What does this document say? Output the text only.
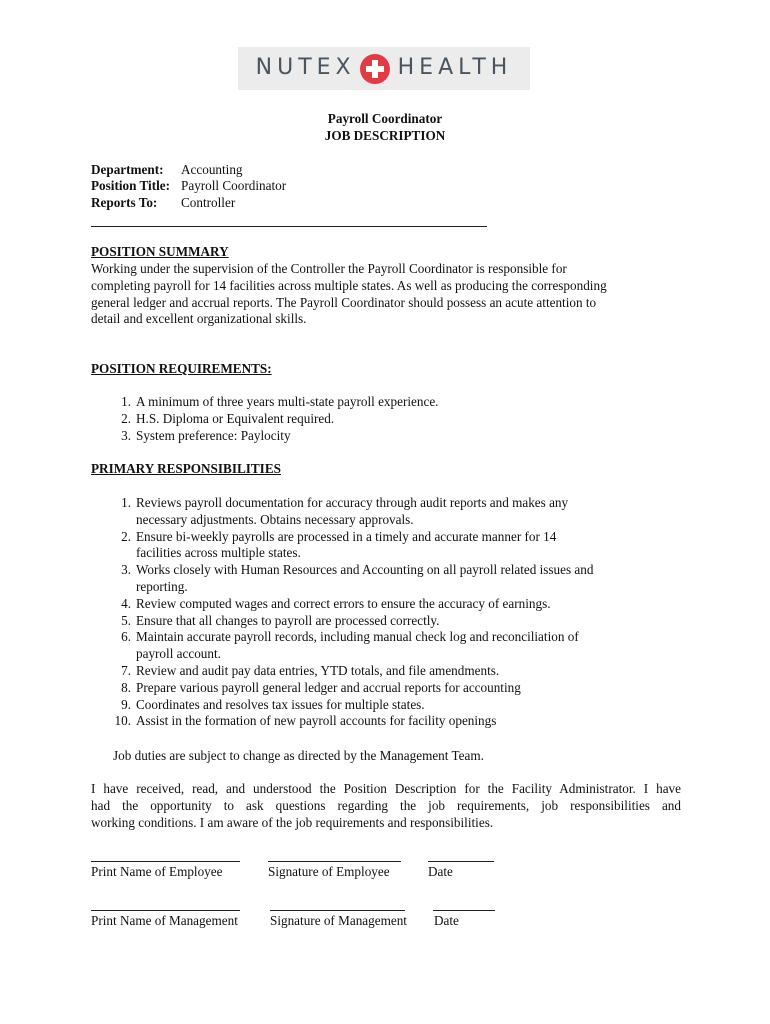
NUTEX HEALTH
Payroll Coordinator
JOB DESCRIPTION
Department: Accounting
Position Title: Payroll Coordinator
Reports To: Controller
POSITION SUMMARY
Working under the supervision of the Controller the Payroll Coordinator is responsible for
completing payroll for 14 facilities across multiple states. As well as producing the corresponding
general ledger and accrual reports. The Payroll Coordinator should possess an acute attention to
detail and excellent organizational skills.
POSITION REQUIREMENTS:
1. A minimum of three years multi-state payroll experience.
2. H.S. Diploma or Equivalent required.
3. System preference: Paylocity
PRIMARY RESPONSIBILITIES
1. Reviews payroll documentation for accuracy through audit reports and makes any
necessary adjustments. Obtains necessary approvals.
2. Ensure bi-weekly payrolls are processed in a timely and accurate manner for 14
facilities across multiple states.
3. Works closely with Human Resources and Accounting on all payroll related issues and
reporting.
4. Review computed wages and correct errors to ensure the accuracy of earnings.
5. Ensure that all changes to payroll are processed correctly.
6. Maintain accurate payroll records, including manual check log and reconciliation of
payroll account.
7. Review and audit pay data entries, YTD totals, and file amendments.
8. Prepare various payroll general ledger and accrual reports for accounting
9. Coordinates and resolves tax issues for multiple states.
10. Assist in the formation of new payroll accounts for facility openings
Job duties are subject to change as directed by the Management Team.
I have received, read, and understood the Position Description for the Facility Administrator. I have
had the opportunity to ask questions regarding the job requirements, job responsibilities and
working conditions. I am aware of the job requirements and responsibilities.
Print Name of Employee	Signature of Employee	Date
Print Name of Management Signature of Management Date
